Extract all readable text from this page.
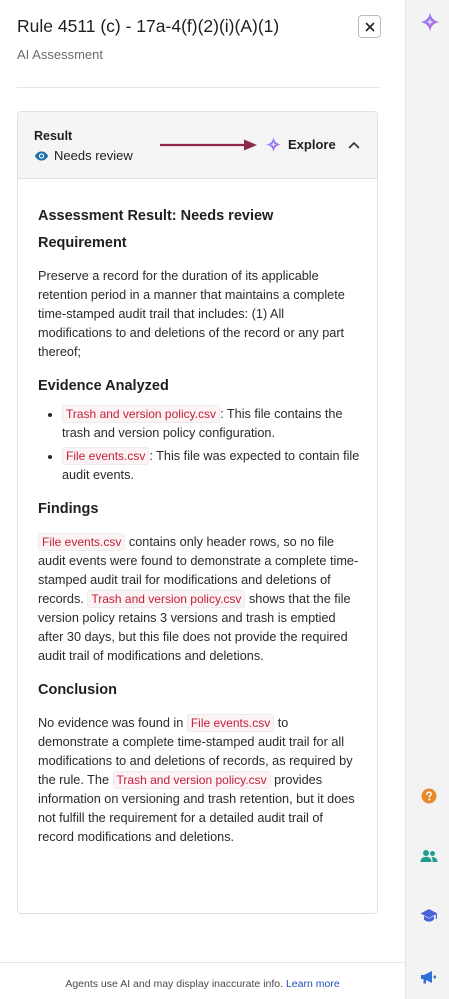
Rule 4511 (c) - 17a-4(f)(2)(i)(A)(1)
AI Assessment
Result
Needs review
Explore
Assessment Result: Needs review
Requirement
Preserve a record for the duration of its applicable retention period in a manner that maintains a complete time-stamped audit trail that includes: (1) All modifications to and deletions of the record or any part thereof;
Evidence Analyzed
Trash and version policy.csv : This file contains the trash and version policy configuration.
File events.csv : This file was expected to contain file audit events.
Findings
File events.csv contains only header rows, so no file audit events were found to demonstrate a complete time-stamped audit trail for modifications and deletions of records. Trash and version policy.csv shows that the file version policy retains 3 versions and trash is emptied after 30 days, but this file does not provide the required audit trail of modifications and deletions.
Conclusion
No evidence was found in File events.csv to demonstrate a complete time-stamped audit trail for all modifications to and deletions of records, as required by the rule. The Trash and version policy.csv provides information on versioning and trash retention, but it does not fulfill the requirement for a detailed audit trail of record modifications and deletions.
Agents use AI and may display inaccurate info. Learn more
